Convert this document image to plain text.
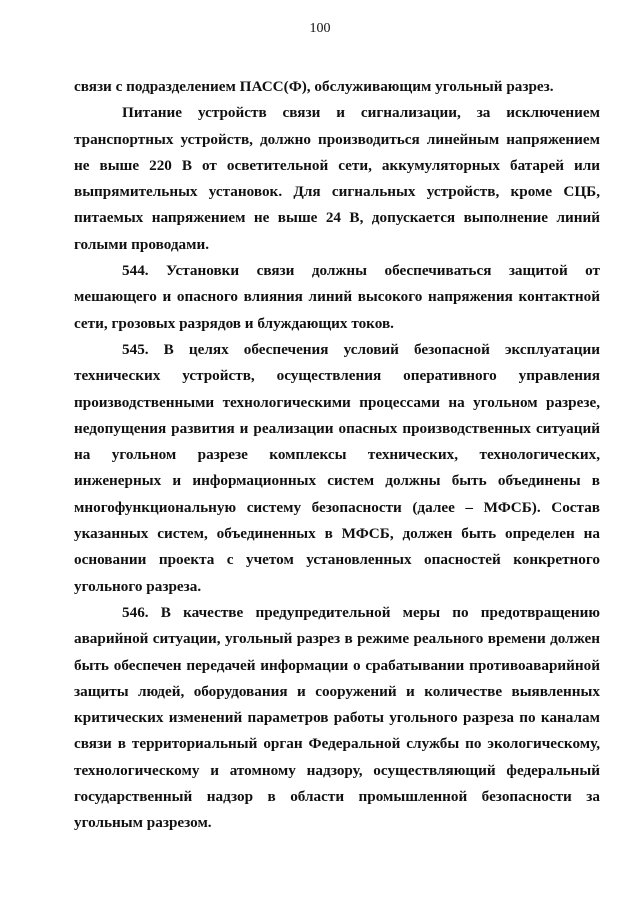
100

связи с подразделением ПАСС(Ф), обслуживающим угольный разрез.

Питание устройств связи и сигнализации, за исключением транспортных устройств, должно производиться линейным напряжением не выше 220 В от осветительной сети, аккумуляторных батарей или выпрямительных установок. Для сигнальных устройств, кроме СЦБ, питаемых напряжением не выше 24 В, допускается выполнение линий голыми проводами.

544. Установки связи должны обеспечиваться защитой от мешающего и опасного влияния линий высокого напряжения контактной сети, грозовых разрядов и блуждающих токов.

545. В целях обеспечения условий безопасной эксплуатации технических устройств, осуществления оперативного управления производственными технологическими процессами на угольном разрезе, недопущения развития и реализации опасных производственных ситуаций на угольном разрезе комплексы технических, технологических, инженерных и информационных систем должны быть объединены в многофункциональную систему безопасности (далее – МФСБ). Состав указанных систем, объединенных в МФСБ, должен быть определен на основании проекта с учетом установленных опасностей конкретного угольного разреза.

546. В качестве предупредительной меры по предотвращению аварийной ситуации, угольный разрез в режиме реального времени должен быть обеспечен передачей информации о срабатывании противоаварийной защиты людей, оборудования и сооружений и количестве выявленных критических изменений параметров работы угольного разреза по каналам связи в территориальный орган Федеральной службы по экологическому, технологическому и атомному надзору, осуществляющий федеральный государственный надзор в области промышленной безопасности за угольным разрезом.
